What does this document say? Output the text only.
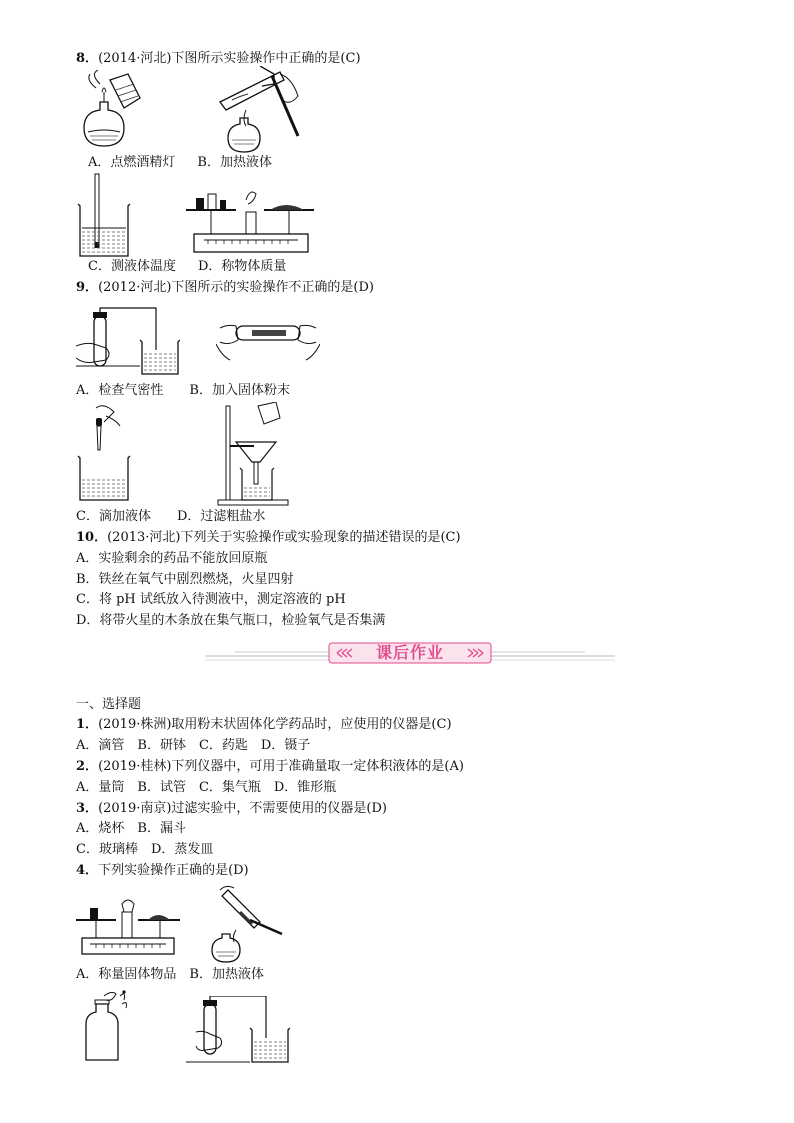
8．(2014·河北)下图所示实验操作中正确的是(C)
A．点燃酒精灯 B．加热液体
C．测液体温度 D．称物体质量
9．(2012·河北)下图所示的实验操作不正确的是(D)
A．检查气密性 B．加入固体粉末
C．滴加液体 D．过滤粗盐水
10．(2013·河北)下列关于实验操作或实验现象的描述错误的是(C)
A．实验剩余的药品不能放回原瓶
B．铁丝在氧气中剧烈燃烧，火星四射
C．将 pH 试纸放入待测液中，测定溶液的 pH
D．将带火星的木条放在集气瓶口，检验氧气是否集满
课后作业
一、选择题
1．(2019·株洲)取用粉末状固体化学药品时，应使用的仪器是(C)
A．滴管　B．研钵　C．药匙　D．镊子
2．(2019·桂林)下列仪器中，可用于准确量取一定体积液体的是(A)
A．量筒　B．试管　C．集气瓶　D．锥形瓶
3．(2019·南京)过滤实验中，不需要使用的仪器是(D)
A．烧杯　B．漏斗
C．玻璃棒　D．蒸发皿
4．下列实验操作正确的是(D)
A．称量固体物品　B．加热液体
